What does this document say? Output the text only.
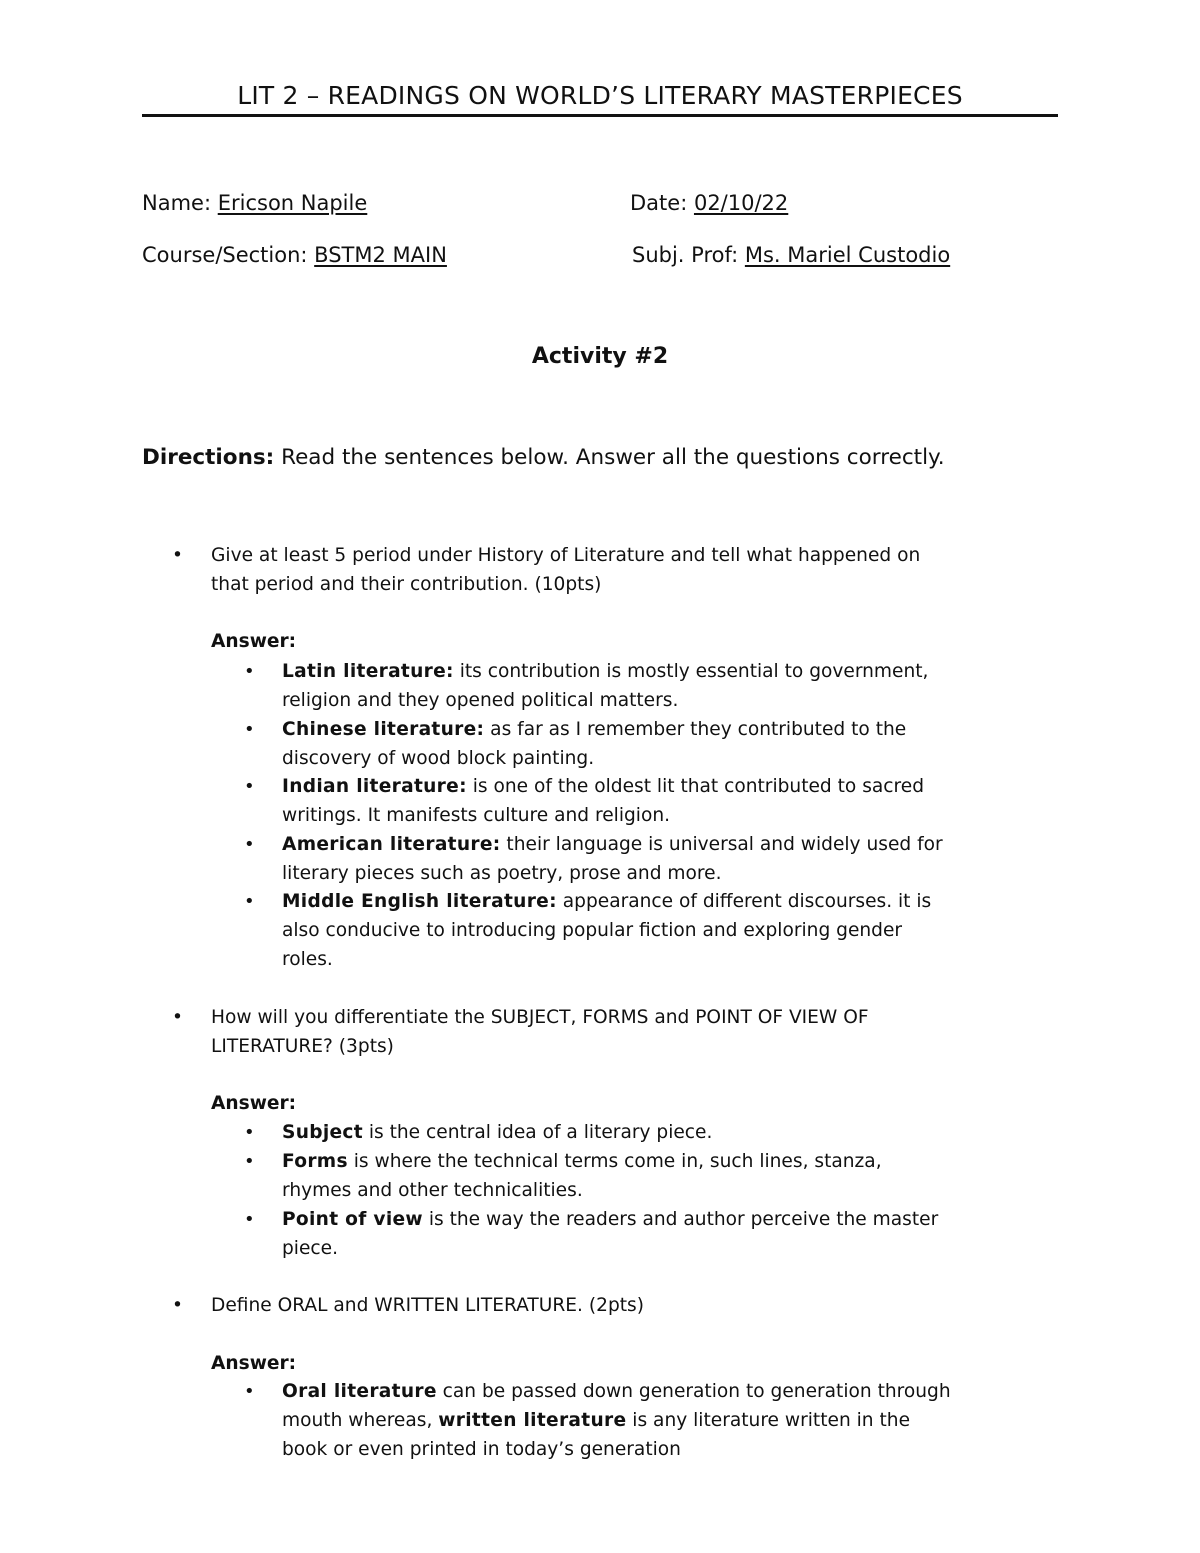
LIT 2 – READINGS ON WORLD’S LITERARY MASTERPIECES
Name: Ericson Napile	Date: 02/10/22
Course/Section: BSTM2 MAIN	Subj. Prof: Ms. Mariel Custodio
Activity #2
Directions: Read the sentences below. Answer all the questions correctly.
•	Give at least 5 period under History of Literature and tell what happened on
that period and their contribution. (10pts)
Answer:
• Latin literature: its contribution is mostly essential to government,
religion and they opened political matters.
• Chinese literature: as far as I remember they contributed to the
discovery of wood block painting.
• Indian literature: is one of the oldest lit that contributed to sacred
writings. It manifests culture and religion.
• American literature: their language is universal and widely used for
literary pieces such as poetry, prose and more.
• Middle English literature: appearance of different discourses. it is
also conducive to introducing popular fiction and exploring gender
roles.
•	How will you differentiate the SUBJECT, FORMS and POINT OF VIEW OF
LITERATURE? (3pts)
Answer:
• Subject is the central idea of a literary piece.
• Forms is where the technical terms come in, such lines, stanza,
rhymes and other technicalities.
• Point of view is the way the readers and author perceive the master
piece.
•	Define ORAL and WRITTEN LITERATURE. (2pts)
Answer:
• Oral literature can be passed down generation to generation through
mouth whereas, written literature is any literature written in the
book or even printed in today’s generation
